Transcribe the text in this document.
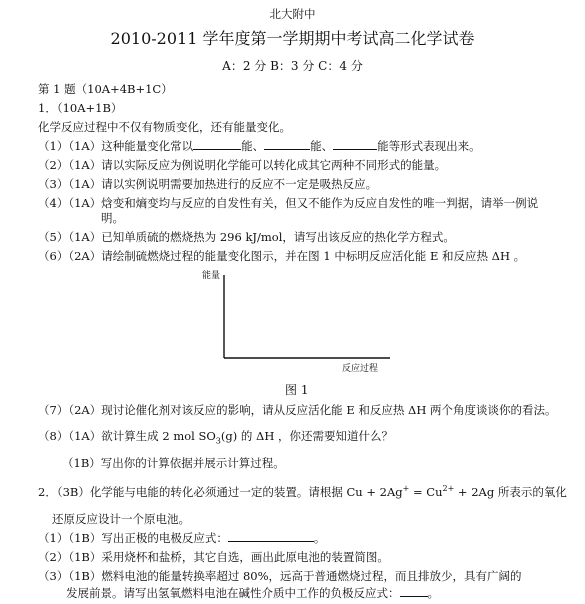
北大附中
2010-2011 学年度第一学期期中考试高二化学试卷
A：2 分 B：3 分 C：4 分
第 1 题（10A+4B+1C）
1．（10A+1B）
化学反应过程中不仅有物质变化，还有能量变化。
（1）（1A）这种能量变化常以	能、	能、	能等形式表现出来。
（2）（1A）请以实际反应为例说明化学能可以转化成其它两种不同形式的能量。
（3）（1A）请以实例说明需要加热进行的反应不一定是吸热反应。
（4）（1A）焓变和熵变均与反应的自发性有关，但又不能作为反应自发性的唯一判据，请举一例说
明。
（5）（1A）已知单质硫的燃烧热为 296 kJ/mol，请写出该反应的热化学方程式。
（6）（2A）请绘制硫燃烧过程的能量变化图示，并在图 1 中标明反应活化能 E 和反应热 ΔH 。
能量
反应过程
图 1
（7）（2A）现讨论催化剂对该反应的影响，请从反应活化能 E 和反应热 ΔH 两个角度谈谈你的看法。
（8）（1A）欲计算生成 2 mol $SO_3(g)$ 的 ΔH ，你还需要知道什么？
（1B）写出你的计算依据并展示计算过程。
2．（3B）化学能与电能的转化必须通过一定的装置。请根据 $Cu + 2Ag^+ = Cu^{2+} + 2Ag$ 所表示的氧化
还原反应设计一个原电池。
（1）（1B）写出正极的电极反应式：	。
（2）（1B）采用烧杯和盐桥，其它自选，画出此原电池的装置简图。
（3）（1B）燃料电池的能量转换率超过 80%，远高于普通燃烧过程，而且排放少，具有广阔的
发展前景。请写出氢氧燃料电池在碱性介质中工作的负极反应式： 。
